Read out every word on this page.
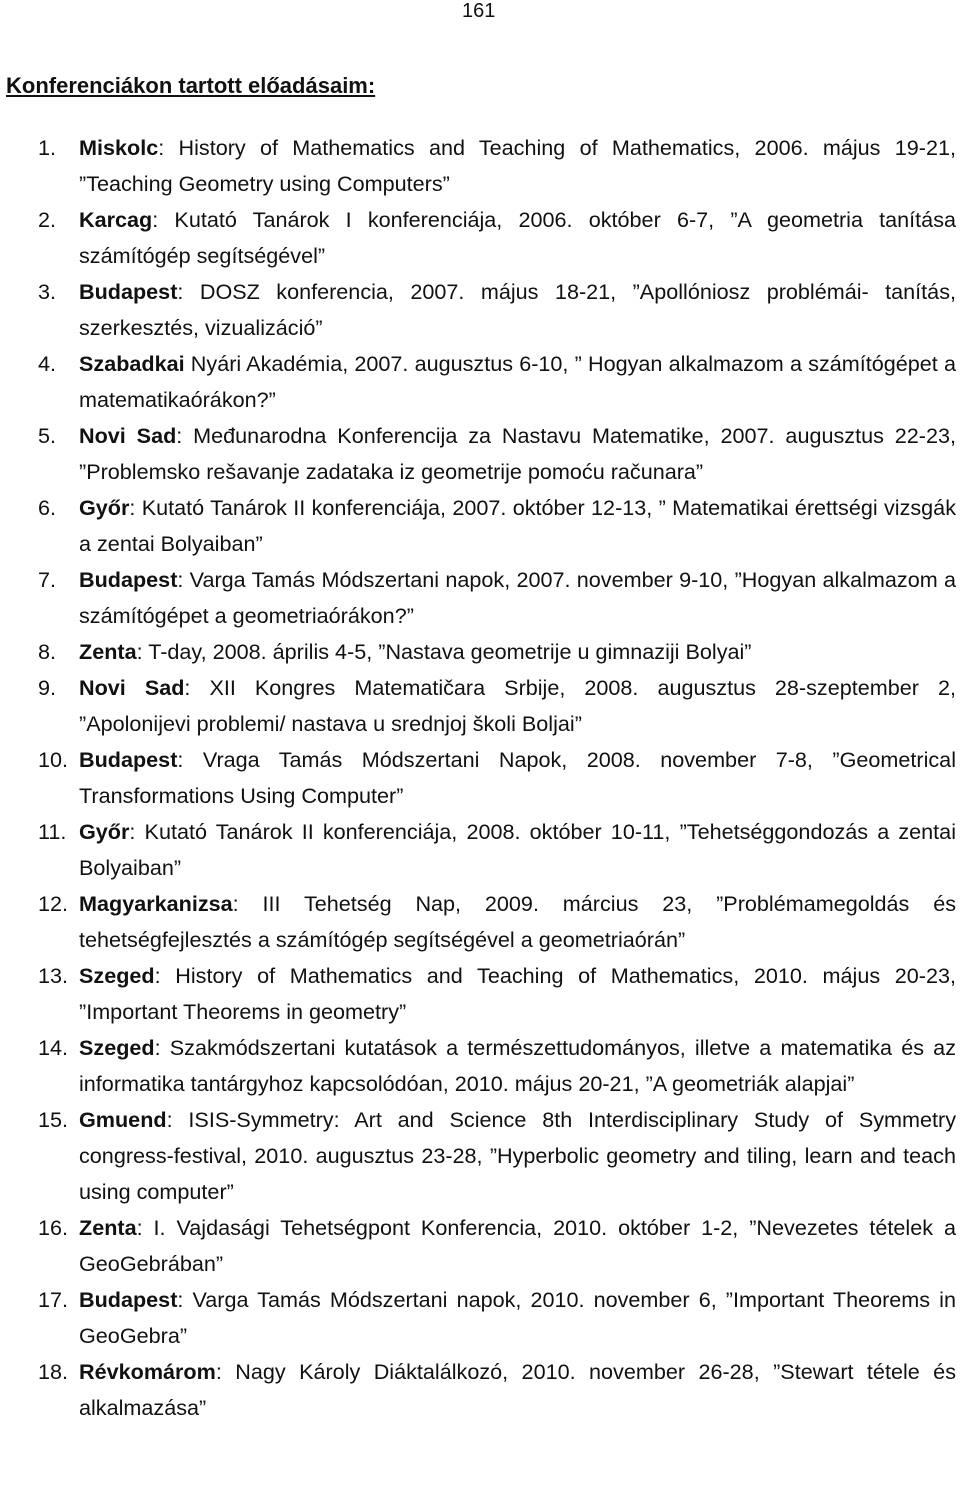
161
Konferenciákon tartott előadásaim:
1.	Miskolc: History of Mathematics and Teaching of Mathematics, 2006. május 19-21, ”Teaching Geometry using Computers”
2.	Karcag: Kutató Tanárok I konferenciája, 2006. október 6-7, ”A geometria tanítása számítógép segítségével”
3.	Budapest: DOSZ konferencia, 2007. május 18-21, ”Apollóniosz problémái- tanítás, szerkesztés, vizualizáció”
4.	Szabadkai Nyári Akadémia, 2007. augusztus 6-10, ” Hogyan alkalmazom a számítógépet a matematikaórákon?”
5.	Novi Sad: Međunarodna Konferencija za Nastavu Matematike, 2007. augusztus 22-23, ”Problemsko rešavanje zadataka iz geometrije pomoću računara”
6.	Győr: Kutató Tanárok II konferenciája, 2007. október 12-13, ” Matematikai érettségi vizsgák a zentai Bolyaiban”
7.	Budapest: Varga Tamás Módszertani napok, 2007. november 9-10, ”Hogyan alkalmazom a számítógépet a geometriaórákon?”
8.	Zenta: T-day, 2008. április 4-5, ”Nastava geometrije u gimnaziji Bolyai”
9.	Novi Sad: XII Kongres Matematičara Srbije, 2008. augusztus 28-szeptember 2, ”Apolonijevi problemi/ nastava u srednjoj školi Boljai”
10. Budapest: Vraga Tamás Módszertani Napok, 2008. november 7-8, ”Geometrical Transformations Using Computer”
11. Győr: Kutató Tanárok II konferenciája, 2008. október 10-11, ”Tehetséggondozás a zentai Bolyaiban”
12. Magyarkanizsa: III Tehetség Nap, 2009. március 23, ”Problémamegoldás és tehetségfejlesztés a számítógép segítségével a geometriaórán”
13. Szeged: History of Mathematics and Teaching of Mathematics, 2010. május 20-23, ”Important Theorems in geometry”
14. Szeged: Szakmódszertani kutatások a természettudományos, illetve a matematika és az informatika tantárgyhoz kapcsolódóan, 2010. május 20-21, ”A geometriák alapjai”
15. Gmuend: ISIS-Symmetry: Art and Science 8th Interdisciplinary Study of Symmetry congress-festival, 2010. augusztus 23-28, ”Hyperbolic geometry and tiling, learn and teach using computer”
16. Zenta: I. Vajdasági Tehetségpont Konferencia, 2010. október 1-2, ”Nevezetes tételek a GeoGebrában”
17. Budapest: Varga Tamás Módszertani napok, 2010. november 6, ”Important Theorems in GeoGebra”
18. Révkomárom: Nagy Károly Diáktalálkozó, 2010. november 26-28, ”Stewart tétele és alkalmazása”
